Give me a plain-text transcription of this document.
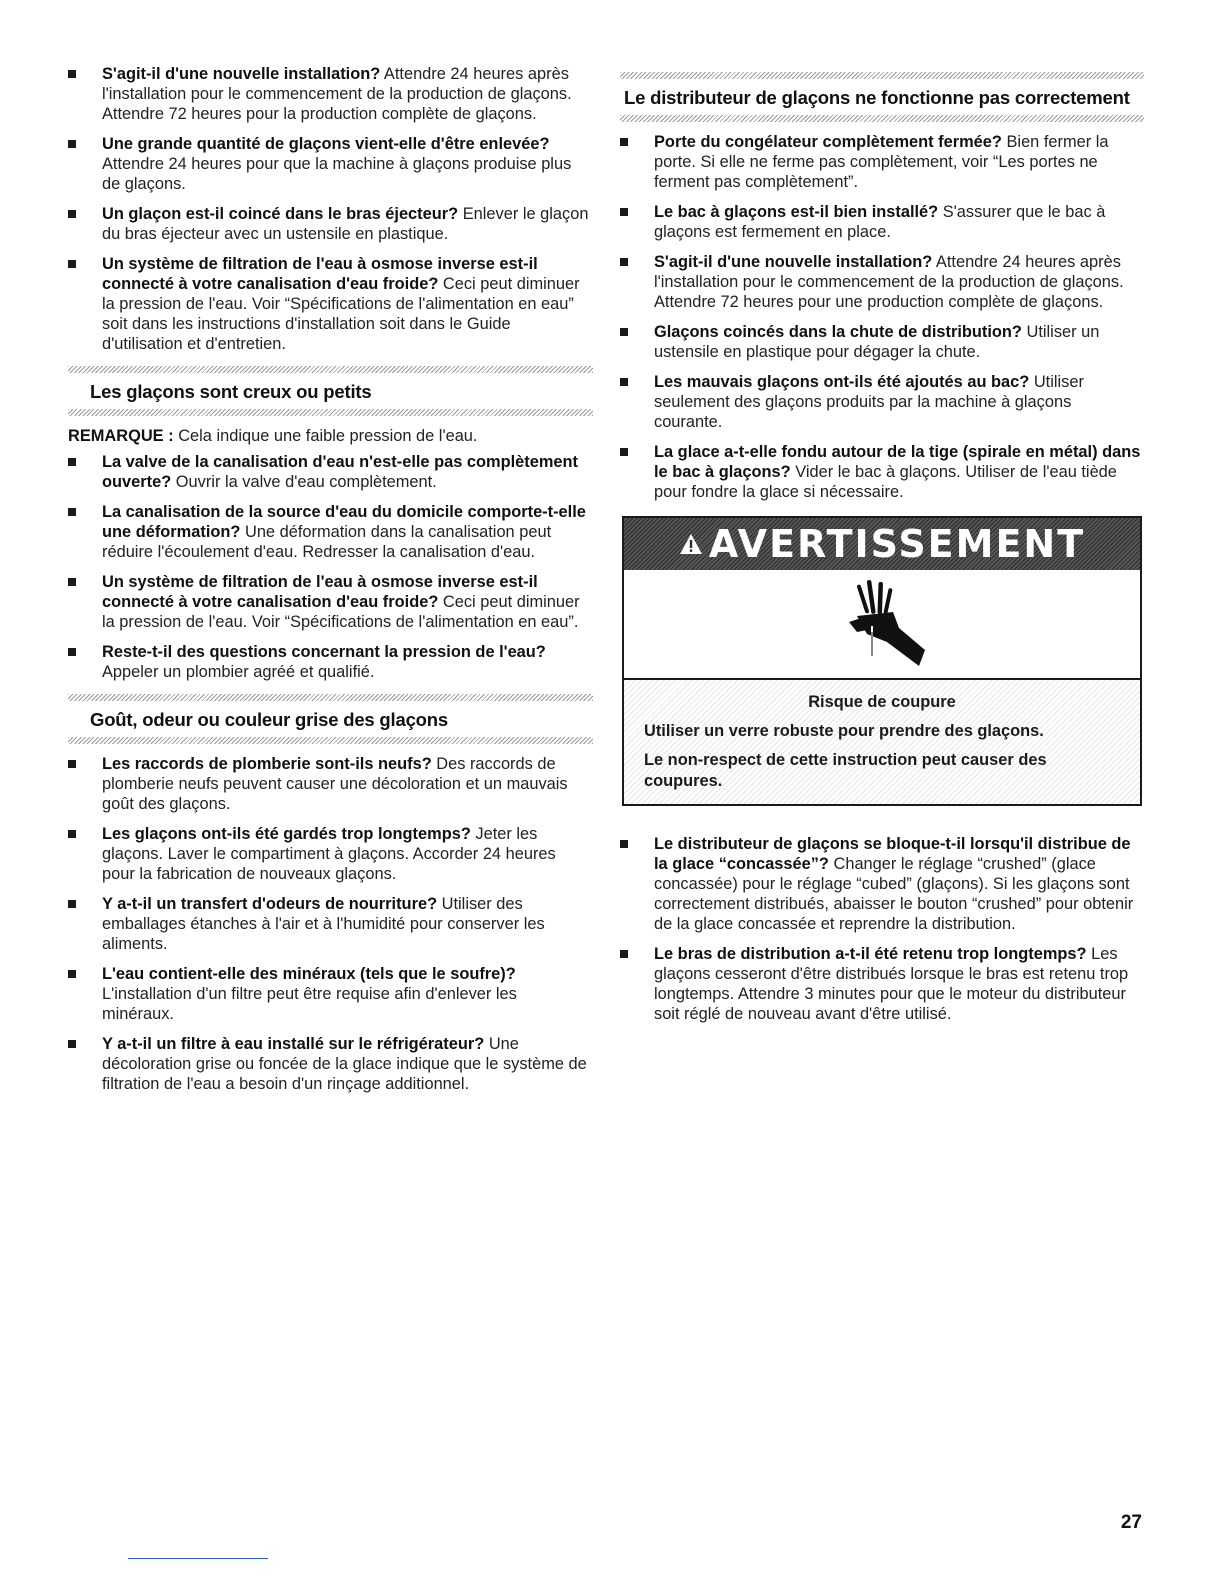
S'agit-il d'une nouvelle installation? Attendre 24 heures après l'installation pour le commencement de la production de glaçons. Attendre 72 heures pour la production complète de glaçons.
Une grande quantité de glaçons vient-elle d'être enlevée? Attendre 24 heures pour que la machine à glaçons produise plus de glaçons.
Un glaçon est-il coincé dans le bras éjecteur? Enlever le glaçon du bras éjecteur avec un ustensile en plastique.
Un système de filtration de l'eau à osmose inverse est-il connecté à votre canalisation d'eau froide? Ceci peut diminuer la pression de l'eau. Voir “Spécifications de l'alimentation en eau” soit dans les instructions d'installation soit dans le Guide d'utilisation et d'entretien.
Les glaçons sont creux ou petits

REMARQUE : Cela indique une faible pression de l'eau.

La valve de la canalisation d'eau n'est-elle pas complètement ouverte? Ouvrir la valve d'eau complètement.
La canalisation de la source d'eau du domicile comporte-t-elle une déformation? Une déformation dans la canalisation peut réduire l'écoulement d'eau. Redresser la canalisation d'eau.
Un système de filtration de l'eau à osmose inverse est-il connecté à votre canalisation d'eau froide? Ceci peut diminuer la pression de l'eau. Voir “Spécifications de l'alimentation en eau”.
Reste-t-il des questions concernant la pression de l'eau? Appeler un plombier agréé et qualifié.
Goût, odeur ou couleur grise des glaçons
Les raccords de plomberie sont-ils neufs? Des raccords de plomberie neufs peuvent causer une décoloration et un mauvais goût des glaçons.
Les glaçons ont-ils été gardés trop longtemps? Jeter les glaçons. Laver le compartiment à glaçons. Accorder 24 heures pour la fabrication de nouveaux glaçons.
Y a-t-il un transfert d'odeurs de nourriture? Utiliser des emballages étanches à l'air et à l'humidité pour conserver les aliments.
L'eau contient-elle des minéraux (tels que le soufre)? L'installation d'un filtre peut être requise afin d'enlever les minéraux.
Y a-t-il un filtre à eau installé sur le réfrigérateur? Une décoloration grise ou foncée de la glace indique que le système de filtration de l'eau a besoin d'un rinçage additionnel.
Le distributeur de glaçons ne fonctionne pas correctement
Porte du congélateur complètement fermée? Bien fermer la porte. Si elle ne ferme pas complètement, voir “Les portes ne ferment pas complètement”.
Le bac à glaçons est-il bien installé? S'assurer que le bac à glaçons est fermement en place.
S'agit-il d'une nouvelle installation? Attendre 24 heures après l'installation pour le commencement de la production de glaçons. Attendre 72 heures pour une production complète de glaçons.
Glaçons coincés dans la chute de distribution? Utiliser un ustensile en plastique pour dégager la chute.
Les mauvais glaçons ont-ils été ajoutés au bac? Utiliser seulement des glaçons produits par la machine à glaçons courante.
La glace a-t-elle fondu autour de la tige (spirale en métal) dans le bac à glaçons? Vider le bac à glaçons. Utiliser de l'eau tiède pour fondre la glace si nécessaire.
AVERTISSEMENT
Risque de coupure

Utiliser un verre robuste pour prendre des glaçons.

Le non-respect de cette instruction peut causer des coupures.

Le distributeur de glaçons se bloque-t-il lorsqu'il distribue de la glace “concassée”? Changer le réglage “crushed” (glace concassée) pour le réglage “cubed” (glaçons). Si les glaçons sont correctement distribués, abaisser le bouton “crushed” pour obtenir de la glace concassée et reprendre la distribution.
Le bras de distribution a-t-il été retenu trop longtemps? Les glaçons cesseront d'être distribués lorsque le bras est retenu trop longtemps. Attendre 3 minutes pour que le moteur du distributeur soit réglé de nouveau avant d'être utilisé.
27
